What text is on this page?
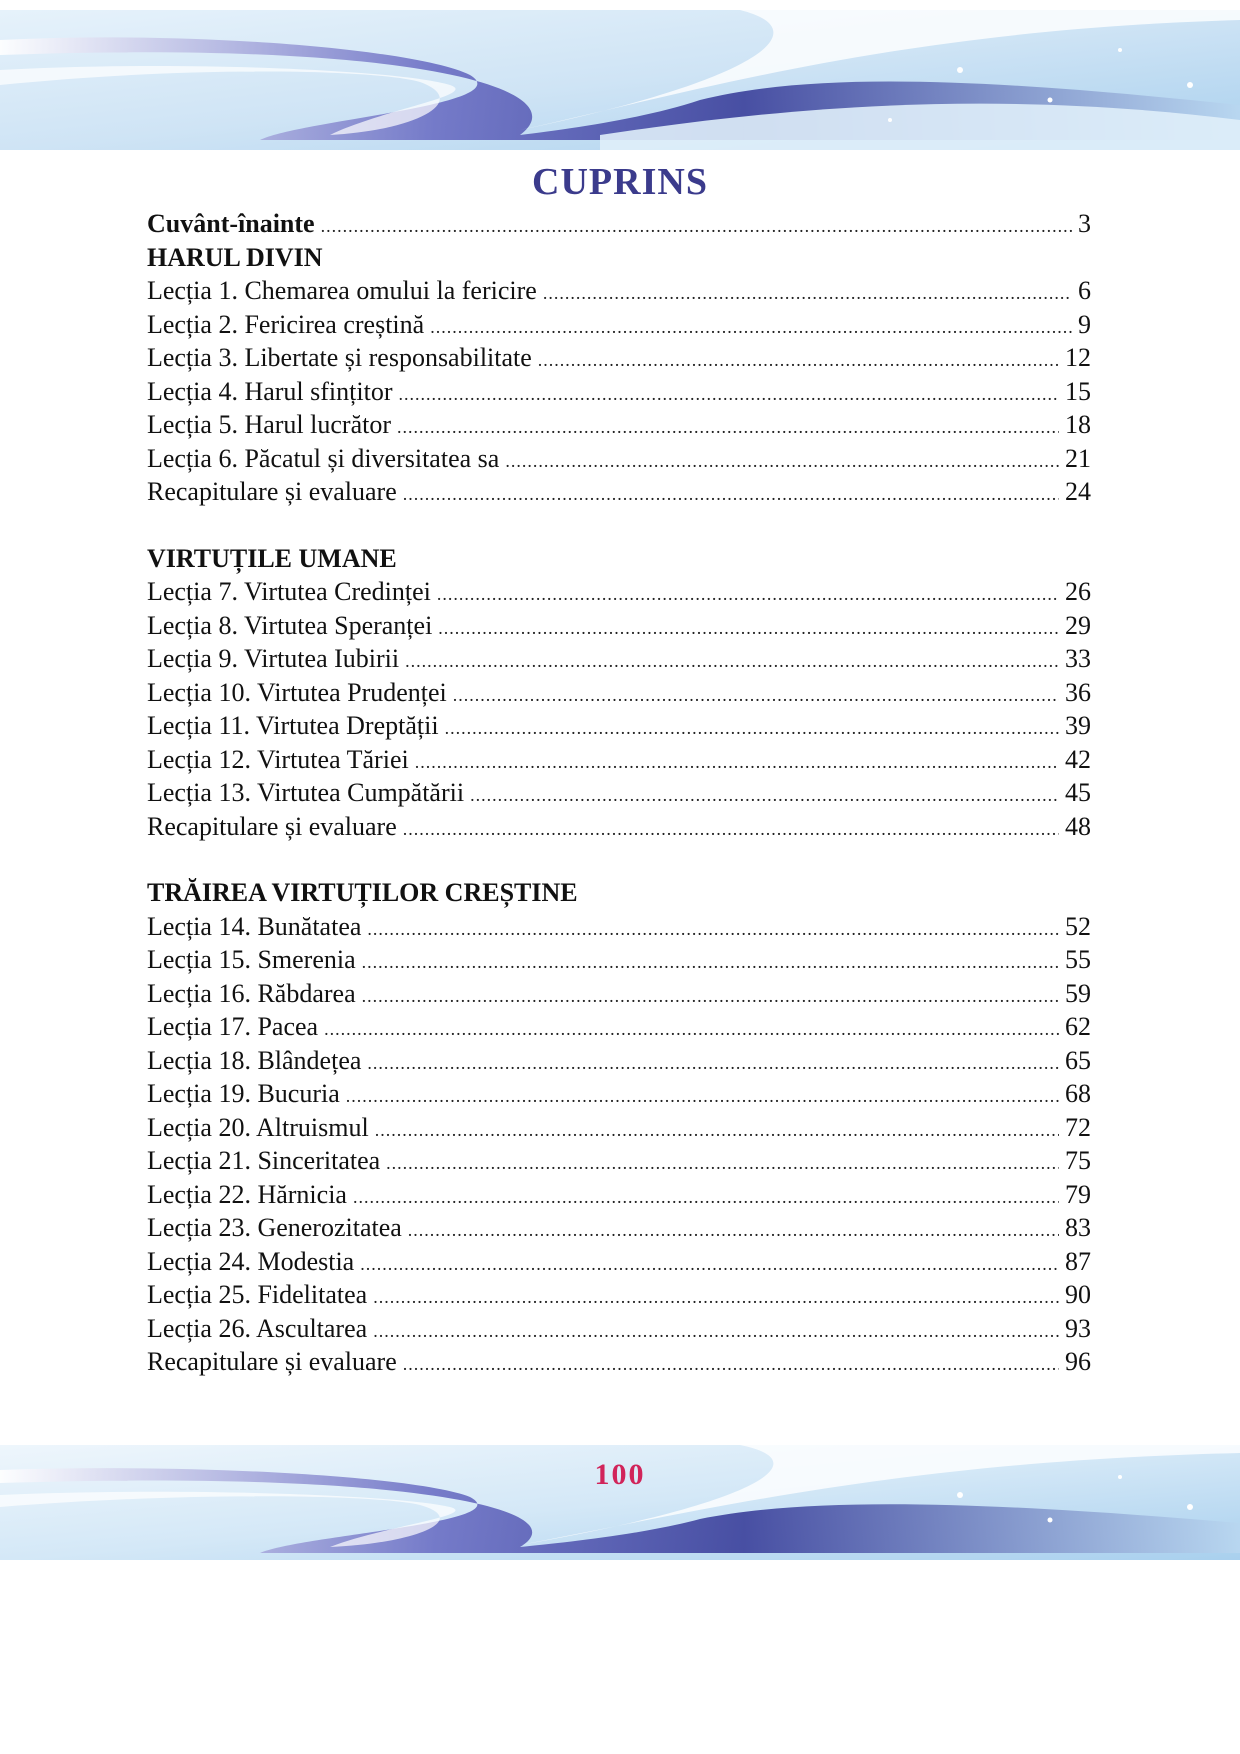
CUPRINS
Cuvânt-înainte .....	3
HARUL DIVIN
Lecția 1. Chemarea omului la fericire .....	6
Lecția 2. Fericirea creștină .....	9
Lecția 3. Libertate și responsabilitate .....	12
Lecția 4. Harul sfințitor .....	15
Lecția 5. Harul lucrător .....	18
Lecția 6. Păcatul și diversitatea sa .....	21
Recapitulare și evaluare .....	24
VIRTUȚILE UMANE
Lecția 7. Virtutea Credinței .....	26
Lecția 8. Virtutea Speranței .....	29
Lecția 9. Virtutea Iubirii .....	33
Lecția 10. Virtutea Prudenței .....	36
Lecția 11. Virtutea Dreptății .....	39
Lecția 12. Virtutea Tăriei .....	42
Lecția 13. Virtutea Cumpătării .....	45
Recapitulare și evaluare .....	48
TRĂIREA VIRTUȚILOR CREȘTINE
Lecția 14. Bunătatea .....	52
Lecția 15. Smerenia .....	55
Lecția 16. Răbdarea .....	59
Lecția 17. Pacea .....	62
Lecția 18. Blândețea .....	65
Lecția 19. Bucuria .....	68
Lecția 20. Altruismul .....	72
Lecția 21. Sinceritatea .....	75
Lecția 22. Hărnicia .....	79
Lecția 23. Generozitatea .....	83
Lecția 24. Modestia .....	87
Lecția 25. Fidelitatea .....	90
Lecția 26. Ascultarea .....	93
Recapitulare și evaluare .....	96
100
